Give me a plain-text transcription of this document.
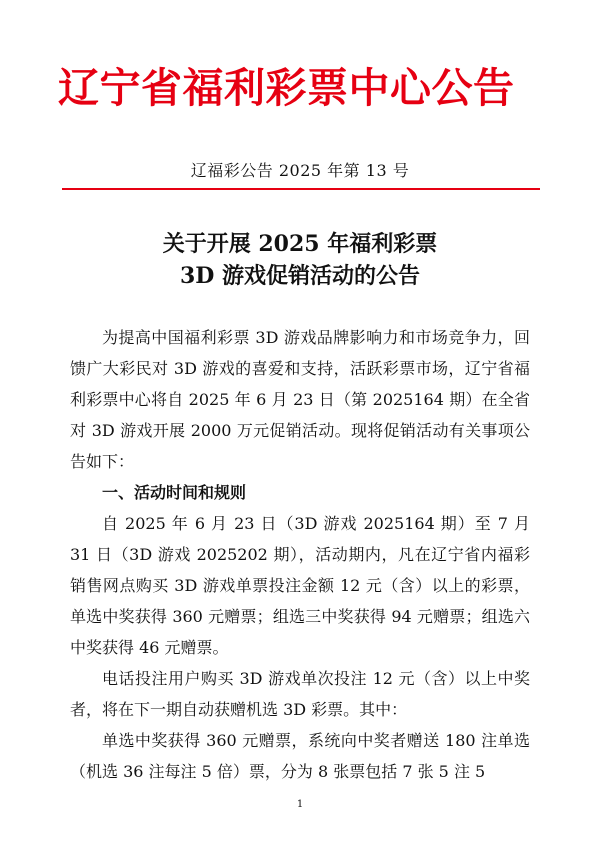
辽宁省福利彩票中心公告
辽福彩公告 2025 年第 13 号
关于开展 2025 年福利彩票
3D 游戏促销活动的公告

为提高中国福利彩票 3D 游戏品牌影响力和市场竞争力，回馈广大彩民对 3D 游戏的喜爱和支持，活跃彩票市场，辽宁省福利彩票中心将自 2025 年 6 月 23 日（第 2025164 期）在全省对 3D 游戏开展 2000 万元促销活动。现将促销活动有关事项公告如下：

一、活动时间和规则

自 2025 年 6 月 23 日（3D 游戏 2025164 期）至 7 月 31 日（3D 游戏 2025202 期），活动期内，凡在辽宁省内福彩销售网点购买 3D 游戏单票投注金额 12 元（含）以上的彩票，单选中奖获得 360 元赠票；组选三中奖获得 94 元赠票；组选六中奖获得 46 元赠票。

电话投注用户购买 3D 游戏单次投注 12 元（含）以上中奖者，将在下一期自动获赠机选 3D 彩票。其中：

单选中奖获得 360 元赠票，系统向中奖者赠送 180 注单选（机选 36 注每注 5 倍）票，分为 8 张票包括 7 张 5 注 5

1
